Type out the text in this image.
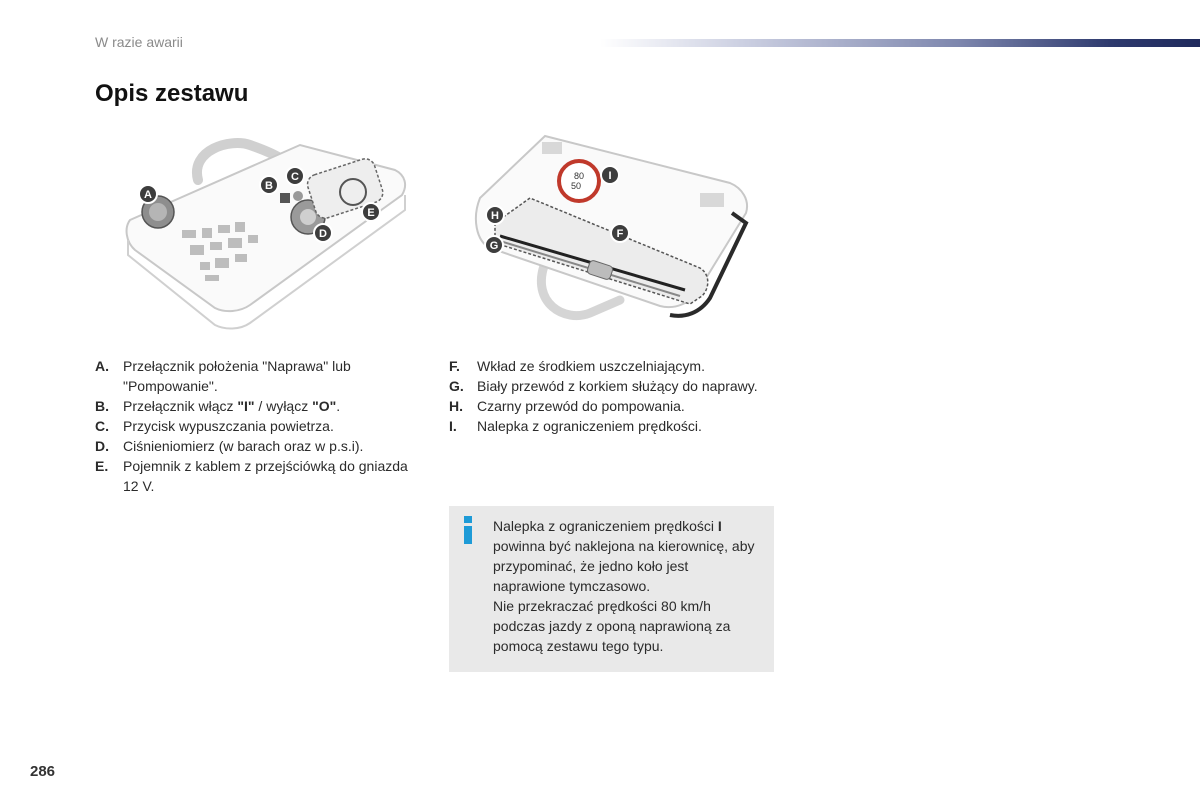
W razie awarii
Opis zestawu
A
B
C
D
E
80
50
I
H
G
F
A.	Przełącznik położenia "Naprawa" lub "Pompowanie".
B.	Przełącznik włącz "I" / wyłącz "O".
C.	Przycisk wypuszczania powietrza.
D.	Ciśnieniomierz (w barach oraz w p.s.i).
E.	Pojemnik z kablem z przejściówką do gniazda 12 V.
F.	Wkład ze środkiem uszczelniającym.
G. Biały przewód z korkiem służący do naprawy.
H.	Czarny przewód do pompowania.
I.	Nalepka z ograniczeniem prędkości.

Nalepka z ograniczeniem prędkości I powinna być naklejona na kierownicę, aby przypominać, że jedno koło jest naprawione tymczasowo.

Nie przekraczać prędkości 80 km/h podczas jazdy z oponą naprawioną za pomocą zestawu tego typu.

286
